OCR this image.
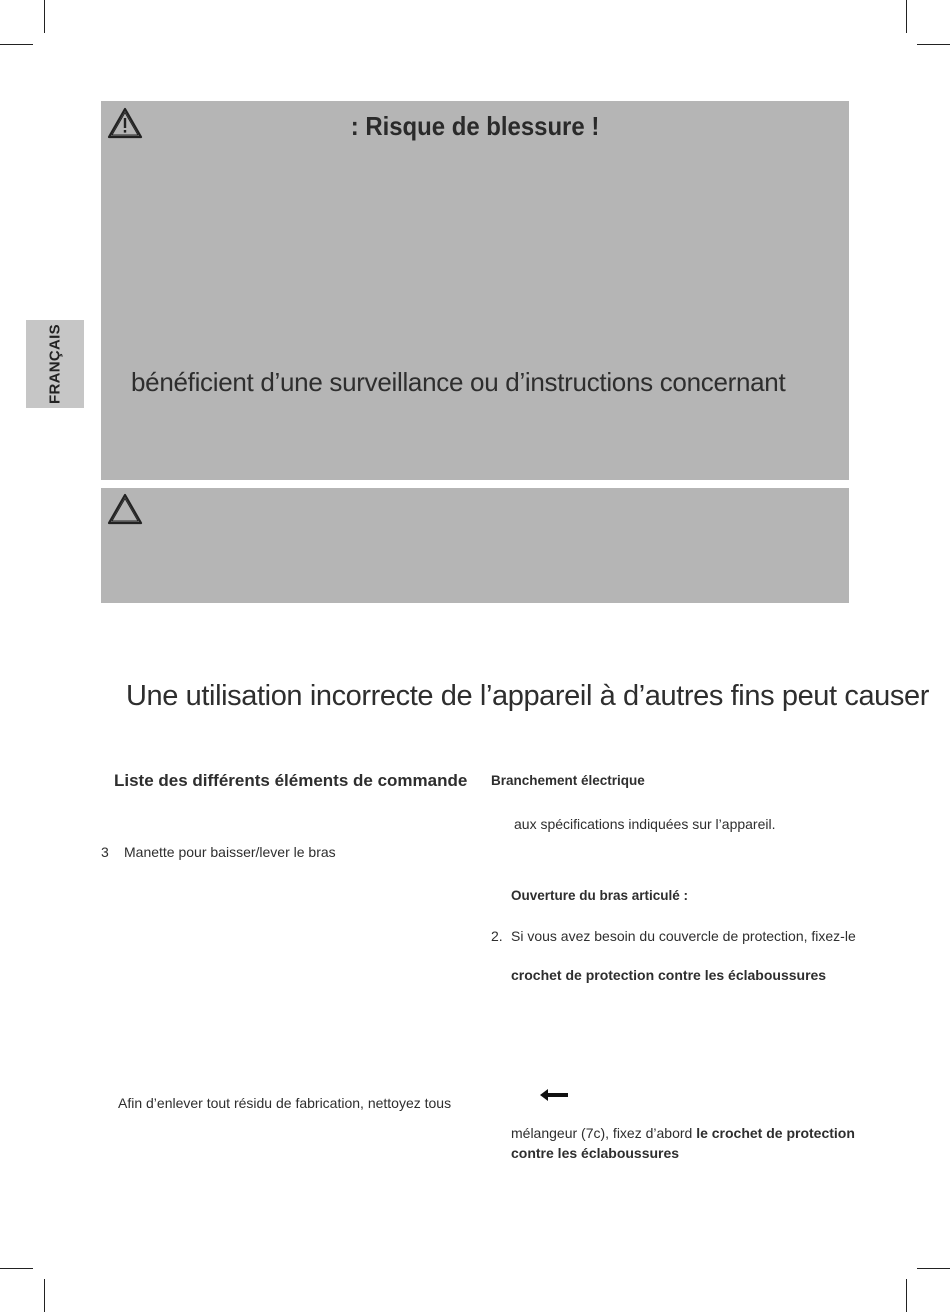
FRANÇAIS
: Risque de blessure !
bénéficient d’une surveillance ou d’instructions concernant
Une utilisation incorrecte de l’appareil à d’autres fins peut causer
Liste des différents éléments de commande
3 Manette pour baisser/lever le bras
Afin d’enlever tout résidu de fabrication, nettoyez tous
Branchement électrique
aux spécifications indiquées sur l’appareil.
Ouverture du bras articulé :
2. Si vous avez besoin du couvercle de protection, fixez-le
crochet de protection contre les éclaboussures
mélangeur (7c), fixez d’abord le crochet de protection
contre les éclaboussures
